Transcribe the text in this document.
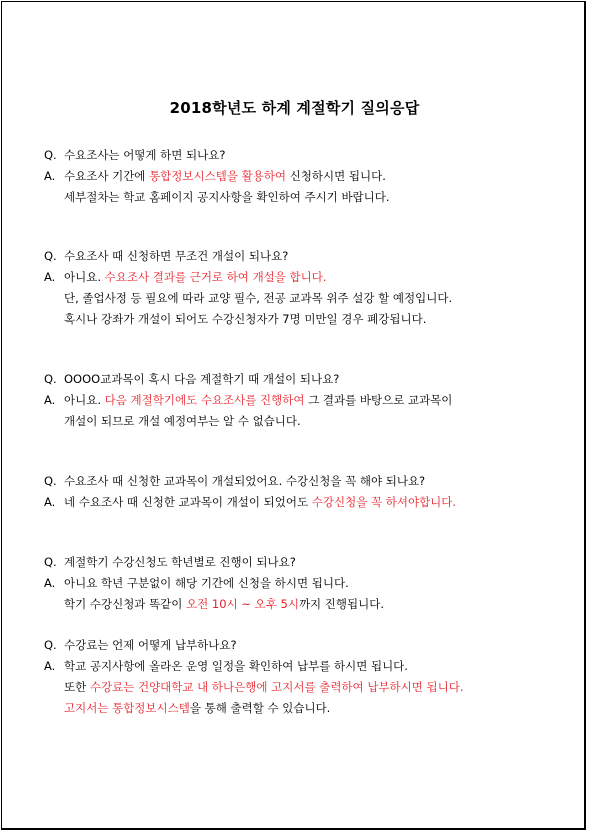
2018학년도 하계 계절학기 질의응답
Q. 수요조사는 어떻게 하면 되나요?
A. 수요조사 기간에 통합정보시스템을 활용하여 신청하시면 됩니다.
세부절차는 학교 홈페이지 공지사항을 확인하여 주시기 바랍니다.
Q. 수요조사 때 신청하면 무조건 개설이 되나요?
A. 아니요. 수요조사 결과를 근거로 하여 개설을 합니다.
단, 졸업사정 등 필요에 따라 교양 필수, 전공 교과목 위주 설강 할 예정입니다.
혹시나 강좌가 개설이 되어도 수강신청자가 7명 미만일 경우 폐강됩니다.
Q. OOOO교과목이 혹시 다음 계절학기 때 개설이 되나요?
A. 아니요. 다음 계절학기에도 수요조사를 진행하여 그 결과를 바탕으로 교과목이
개설이 되므로 개설 예정여부는 알 수 없습니다.
Q. 수요조사 때 신청한 교과목이 개설되었어요. 수강신청을 꼭 해야 되나요?
A. 네 수요조사 때 신청한 교과목이 개설이 되었어도 수강신청을 꼭 하셔야합니다.
Q. 계절학기 수강신청도 학년별로 진행이 되나요?
A. 아니요 학년 구분없이 해당 기간에 신청을 하시면 됩니다.
학기 수강신청과 똑같이 오전 10시 ~ 오후 5시까지 진행됩니다.
Q. 수강료는 언제 어떻게 납부하나요?
A. 학교 공지사항에 올라온 운영 일정을 확인하여 납부를 하시면 됩니다.
또한 수강료는 건양대학교 내 하나은행에 고지서를 출력하여 납부하시면 됩니다.
고지서는 통합정보시스템을 통해 출력할 수 있습니다.
